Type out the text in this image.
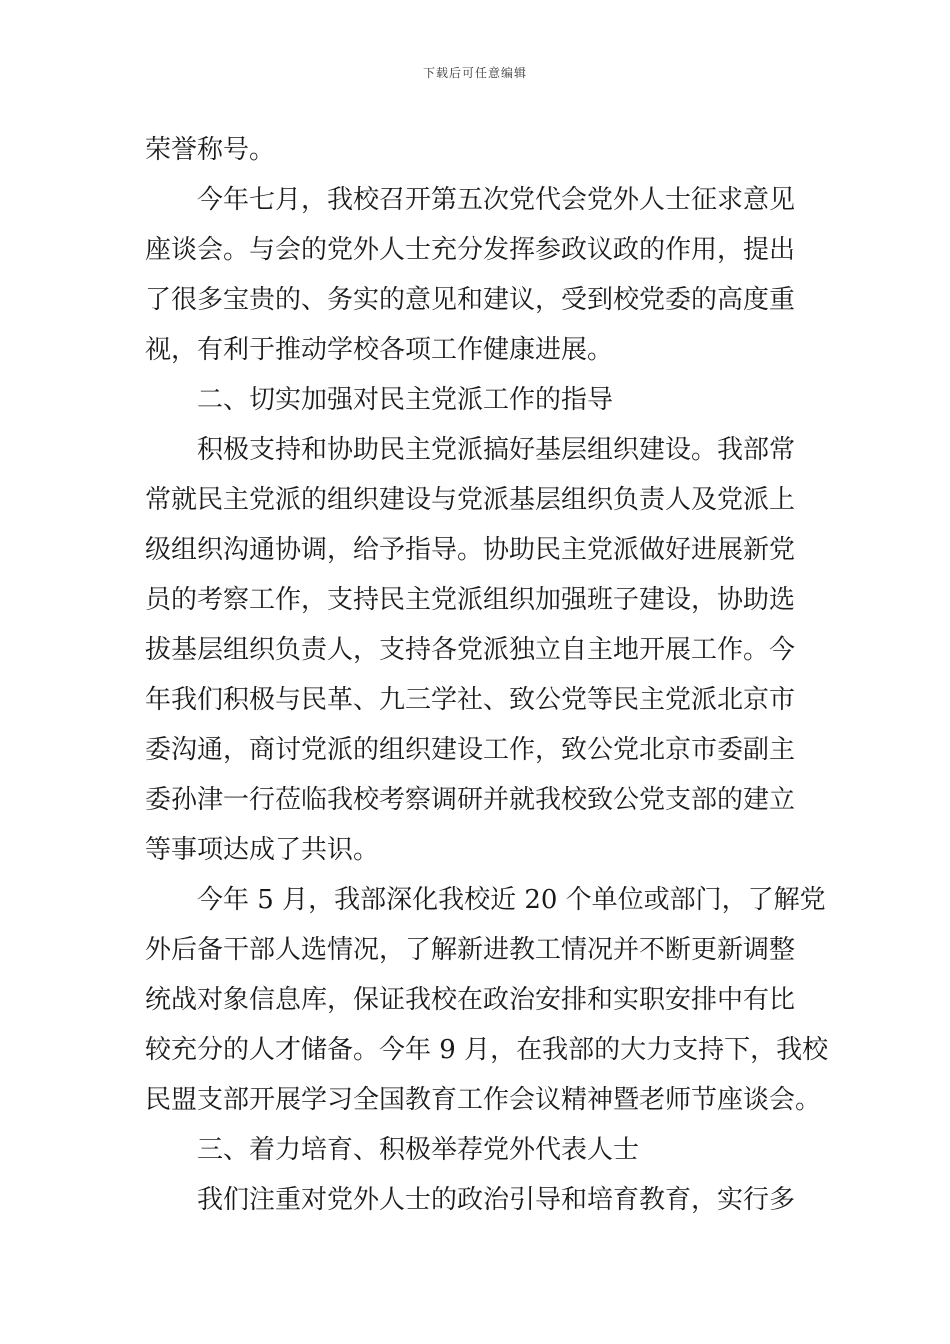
下载后可任意编辑
荣誉称号。
今年七月，我校召开第五次党代会党外人士征求意见
座谈会。与会的党外人士充分发挥参政议政的作用，提出
了很多宝贵的、务实的意见和建议，受到校党委的高度重
视，有利于推动学校各项工作健康进展。
二、切实加强对民主党派工作的指导
积极支持和协助民主党派搞好基层组织建设。我部常
常就民主党派的组织建设与党派基层组织负责人及党派上
级组织沟通协调，给予指导。协助民主党派做好进展新党
员的考察工作，支持民主党派组织加强班子建设，协助选
拔基层组织负责人，支持各党派独立自主地开展工作。今
年我们积极与民革、九三学社、致公党等民主党派北京市
委沟通，商讨党派的组织建设工作，致公党北京市委副主
委孙津一行莅临我校考察调研并就我校致公党支部的建立
等事项达成了共识。
今年 5 月，我部深化我校近 20 个单位或部门，了解党
外后备干部人选情况，了解新进教工情况并不断更新调整
统战对象信息库，保证我校在政治安排和实职安排中有比
较充分的人才储备。今年 9 月，在我部的大力支持下，我校
民盟支部开展学习全国教育工作会议精神暨老师节座谈会。
三、着力培育、积极举荐党外代表人士
我们注重对党外人士的政治引导和培育教育，实行多
